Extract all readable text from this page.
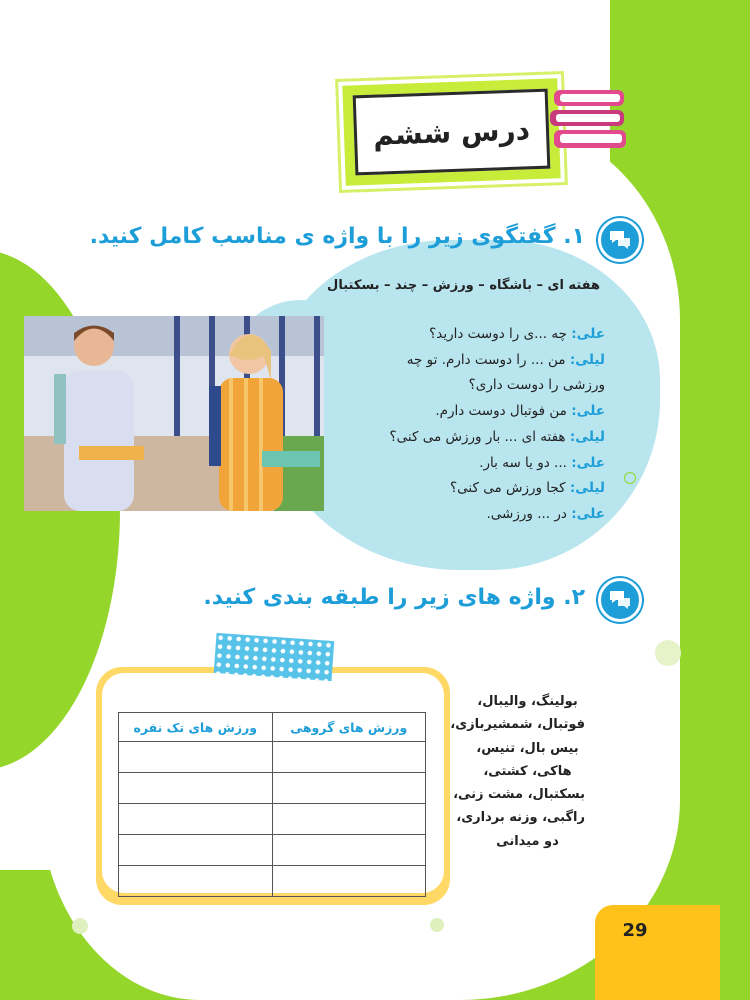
درس ششم
۱. گفتگوی زیر را با واژه ی مناسب کامل کنید.
هفته ای – باشگاه – ورزش – چند – بسکتبال
علی: چه ...ی را دوست دارید؟
لیلی: من ... را دوست دارم. تو چه
ورزشی را دوست داری؟
علی: من فوتبال دوست دارم.
لیلی: هفته ای ... بار ورزش می کنی؟
علی: ... دو یا سه بار.
لیلی: کجا ورزش می کنی؟
علی: در ... ورزشی.
۲. واژه های زیر را طبقه بندی کنید.
ورزش های گروهی	ورزش های تک نفره

بولینگ، والیبال،
فوتبال، شمشیربازی،
بیس بال، تنیس،
هاکی، کشتی،
بسکتبال، مشت زنی،
راگبی، وزنه برداری،
دو میدانی
29
